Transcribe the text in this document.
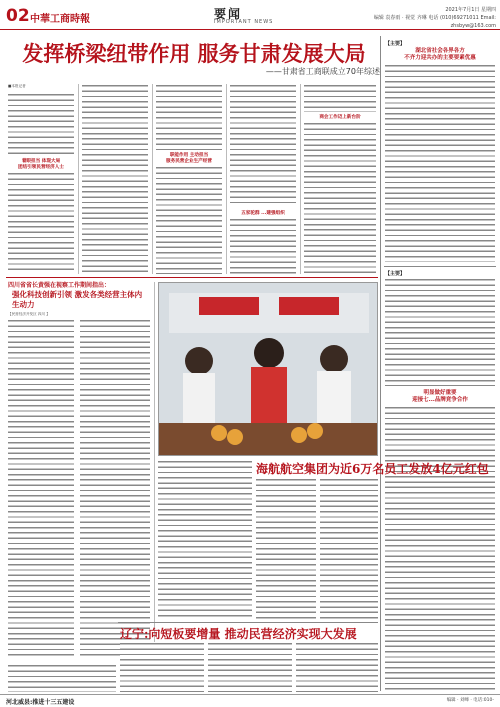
02 中華工商時報	要闻
IMPORTANT NEWS
2021年7月1日 星期四
编辑 袁春雨 · 视觉 齐琳 电话 (010)69271011 Email: zhsbyw@163.com
发挥桥梁纽带作用 服务甘肃发展大局
——甘肃省工商联成立70年综述
■本报记者
着眼担当 体现大局
团结引领民营经济人士
职能作用 主动担当
服务民营企业生产经营
五家驼群 ...建强组织
商会工作迈上新台阶
【主要】
湖北省社会各界各方
不齐力迎共办的主要要素优惠
【主要】
明显做好重要
迎接七...品牌竞争合作
四川省省长黄强在视察工作期间指出：
强化科技创新引领 激发各类经营主体内生动力
【民营经济开发区 四川 】
海航航空集团为近6万名员工发放4亿元红包
辽宁:向短板要增量 推动民营经济实现大发展
河北威县:推进十三五建设	编辑 · 刘峰 · 电话:010-
